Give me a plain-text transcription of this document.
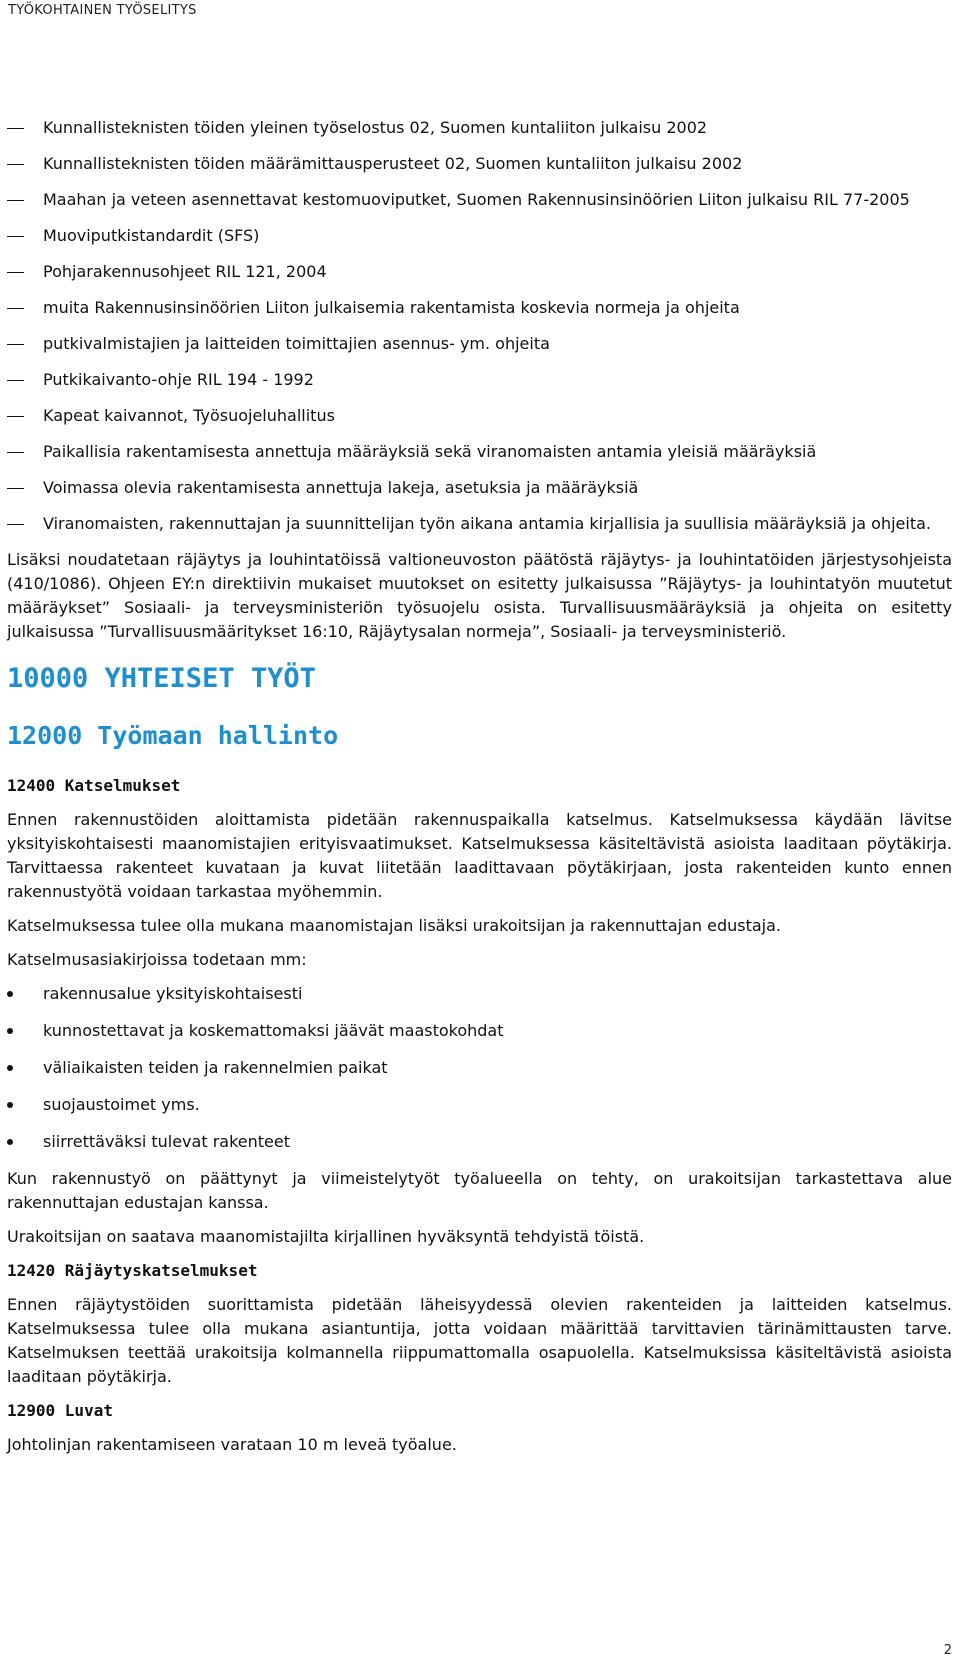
TYÖKOHTAINEN TYÖSELITYS
Kunnallisteknisten töiden yleinen työselostus 02, Suomen kuntaliiton julkaisu 2002
Kunnallisteknisten töiden määrämittausperusteet 02, Suomen kuntaliiton julkaisu 2002
Maahan ja veteen asennettavat kestomuoviputket, Suomen Rakennusinsinöörien Liiton julkaisu RIL 77-2005
Muoviputkistandardit (SFS)
Pohjarakennusohjeet RIL 121, 2004
muita Rakennusinsinöörien Liiton julkaisemia rakentamista koskevia normeja ja ohjeita
putkivalmistajien ja laitteiden toimittajien asennus- ym. ohjeita
Putkikaivanto-ohje RIL 194 - 1992
Kapeat kaivannot, Työsuojeluhallitus
Paikallisia rakentamisesta annettuja määräyksiä sekä viranomaisten antamia yleisiä määräyksiä
Voimassa olevia rakentamisesta annettuja lakeja, asetuksia ja määräyksiä
Viranomaisten, rakennuttajan ja suunnittelijan työn aikana antamia kirjallisia ja suullisia määräyksiä ja ohjeita.

Lisäksi noudatetaan räjäytys ja louhintatöissä valtioneuvoston päätöstä räjäytys- ja louhintatöiden järjestysohjeista (410/1086). Ohjeen EY:n direktiivin mukaiset muutokset on esitetty julkaisussa ”Räjäytys- ja louhintatyön muutetut määräykset” Sosiaali- ja terveysministeriön työsuojelu osista. Turvallisuusmääräyksiä ja ohjeita on esitetty julkaisussa ”Turvallisuusmääritykset 16:10, Räjäytysalan normeja”, Sosiaali- ja terveysministeriö.

10000 YHTEISET TYÖT
12000 Työmaan hallinto
12400 Katselmukset

Ennen rakennustöiden aloittamista pidetään rakennuspaikalla katselmus. Katselmuksessa käydään lävitse yksityiskohtaisesti maanomistajien erityisvaatimukset. Katselmuksessa käsiteltävistä asioista laaditaan pöytäkirja. Tarvittaessa rakenteet kuvataan ja kuvat liitetään laadittavaan pöytäkirjaan, josta rakenteiden kunto ennen rakennustyötä voidaan tarkastaa myöhemmin.

Katselmuksessa tulee olla mukana maanomistajan lisäksi urakoitsijan ja rakennuttajan edustaja.

Katselmusasiakirjoissa todetaan mm:

rakennusalue yksityiskohtaisesti
kunnostettavat ja koskemattomaksi jäävät maastokohdat
väliaikaisten teiden ja rakennelmien paikat
suojaustoimet yms.
siirrettäväksi tulevat rakenteet

Kun rakennustyö on päättynyt ja viimeistelytyöt työalueella on tehty, on urakoitsijan tarkastettava alue rakennuttajan edustajan kanssa.

Urakoitsijan on saatava maanomistajilta kirjallinen hyväksyntä tehdyistä töistä.

12420 Räjäytyskatselmukset

Ennen räjäytystöiden suorittamista pidetään läheisyydessä olevien rakenteiden ja laitteiden katselmus. Katselmuksessa tulee olla mukana asiantuntija, jotta voidaan määrittää tarvittavien tärinämittausten tarve. Katselmuksen teettää urakoitsija kolmannella riippumattomalla osapuolella. Katselmuksissa käsiteltävistä asioista laaditaan pöytäkirja.

12900 Luvat

Johtolinjan rakentamiseen varataan 10 m leveä työalue.

2
